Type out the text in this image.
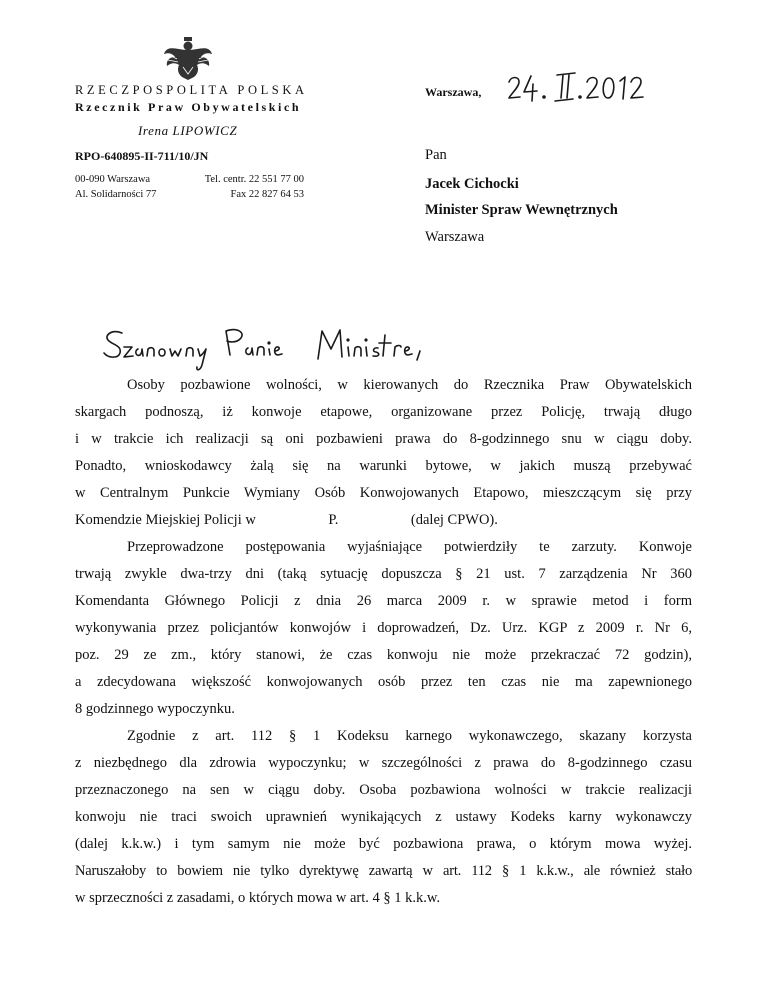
RZECZPOSPOLITA POLSKA
Rzecznik Praw Obywatelskich
Irena LIPOWICZ
RPO-640895-II-711/10/JN
00-090 Warszawa
Al. Solidarności 77
Tel. centr. 22 551 77 00
Fax 22 827 64 53
Warszawa,
Pan
Jacek Cichocki
Minister Spraw Wewnętrznych
Warszawa
Osoby pozbawione wolności, w kierowanych do Rzecznika Praw Obywatelskich
skargach podnoszą, iż konwoje etapowe, organizowane przez Policję, trwają długo
i w trakcie ich realizacji są oni pozbawieni prawa do 8-godzinnego snu w ciągu doby.
Ponadto, wnioskodawcy żalą się na warunki bytowe, w jakich muszą przebywać
w Centralnym Punkcie Wymiany Osób Konwojowanych Etapowo, mieszczącym się przy
Komendzie Miejskiej Policji w                    P.                    (dalej CPWO).
Przeprowadzone postępowania wyjaśniające potwierdziły te zarzuty. Konwoje
trwają zwykle dwa-trzy dni (taką sytuację dopuszcza § 21 ust. 7 zarządzenia Nr 360
Komendanta Głównego Policji z dnia 26 marca 2009 r. w sprawie metod i form
wykonywania przez policjantów konwojów i doprowadzeń, Dz. Urz. KGP z 2009 r. Nr 6,
poz. 29 ze zm., który stanowi, że czas konwoju nie może przekraczać 72 godzin),
a zdecydowana większość konwojowanych osób przez ten czas nie ma zapewnionego
8 godzinnego wypoczynku.
Zgodnie z art. 112 § 1 Kodeksu karnego wykonawczego, skazany korzysta
z niezbędnego dla zdrowia wypoczynku; w szczególności z prawa do 8-godzinnego czasu
przeznaczonego na sen w ciągu doby. Osoba pozbawiona wolności w trakcie realizacji
konwoju nie traci swoich uprawnień wynikających z ustawy Kodeks karny wykonawczy
(dalej k.k.w.) i tym samym nie może być pozbawiona prawa, o którym mowa wyżej.
Naruszałoby to bowiem nie tylko dyrektywę zawartą w art. 112 § 1 k.k.w., ale również stało
w sprzeczności z zasadami, o których mowa w art. 4 § 1 k.k.w.
